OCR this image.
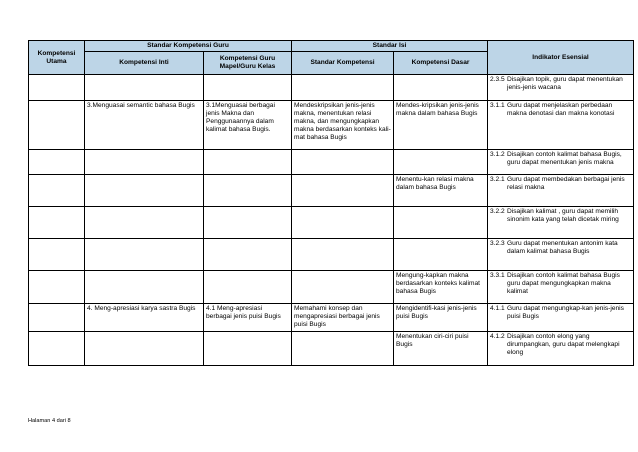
Kompetensi Utama	Standar Kompetensi Guru		Standar Isi		Indikator Esensial
	Kompetensi Inti	Kompetensi Guru Mapel/Guru Kelas	Standar Kompetensi	Kompetensi Dasar	

					2.3.5 Disajikan topik, guru dapat menentukan jenis-jenis wacana

	3.Menguasai semantic bahasa Bugis	3.1Menguasai berbagai jenis Makna dan Penggunaannya dalam kalimat bahasa Bugis.	Mendeskripsikan jenis-jenis makna, menentukan relasi makna, dan mengungkapkan makna berdasarkan konteks kali- mat bahasa Bugis	Mendes-kripsikan jenis-jenis makna dalam bahasa Bugis	3.1.1 Guru dapat menjelaskan perbedaan makna denotasi dan makna konotasi

					3.1.2 Disajikan contoh kalimat bahasa Bugis, guru dapat menentukan jenis makna

				Menentu-kan relasi makna dalam bahasa Bugis	3.2.1 Guru dapat membedakan berbagai jenis relasi makna

					3.2.2 Disajikan kalimat , guru dapat memilih sinonim kata yang telah dicetak miring

					3.2.3 Guru dapat menentukan antonim kata dalam kalimat bahasa Bugis

				Mengung-kapkan makna berdasarkan konteks kalimat bahasa Bugis	3.3.1 Disajikan contoh kalimat bahasa Bugis guru dapat mengungkapkan makna kalimat

	4. Meng-apresiasi karya sastra Bugis	4.1 Meng-apresiasi berbagai jenis puisi Bugis	Memahami konsep dan mengapresiasi berbagai jenis puisi Bugis	Mengidentifi-kasi jenis-jenis puisi Bugis	4.1.1 Guru dapat mengungkap-kan jenis-jenis puisi Bugis

				Menentukan ciri-ciri puisi Bugis	4.1.2 Disajikan contoh elong yang dirumpangkan, guru dapat melengkapi elong
Halaman 4 dari 8
